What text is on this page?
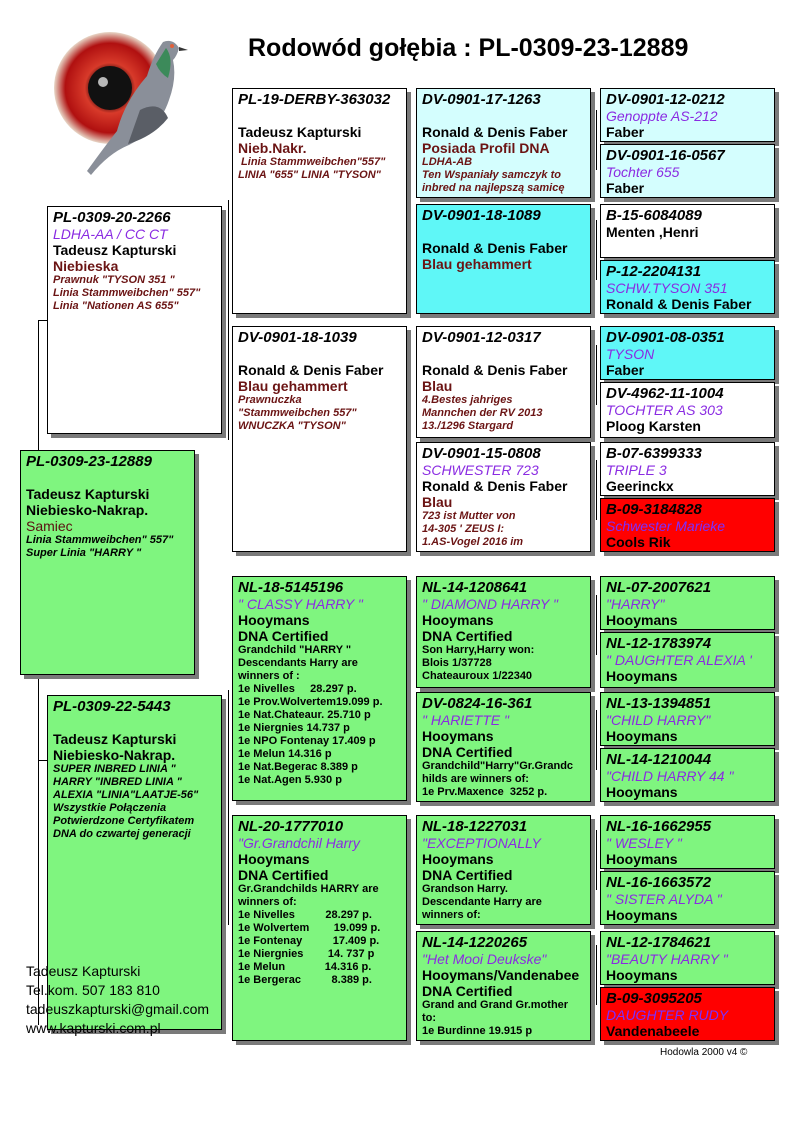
Rodowód gołębia : PL-0309-23-12889
PL-0309-23-12889
Tadeusz Kapturski
Niebiesko-Nakrap.
Samiec
Linia Stammweibchen" 557"
Super Linia "HARRY "
PL-0309-20-2266
LDHA-AA / CC CT
Tadeusz Kapturski
Niebieska
Prawnuk "TYSON 351 "
Linia Stammweibchen" 557"
Linia "Nationen AS 655"
PL-0309-22-5443
Tadeusz Kapturski
Niebiesko-Nakrap.
SUPER INBRED LINIA "
HARRY "INBRED LINIA "
ALEXIA "LINIA"LAATJE-56"
Wszystkie Połączenia
Potwierdzone Certyfikatem
DNA do czwartej generacji
PL-19-DERBY-363032
Tadeusz Kapturski
Nieb.Nakr.
Linia Stammweibchen"557"
LINIA "655" LINIA "TYSON"
DV-0901-18-1039
Ronald & Denis Faber
Blau gehammert
Prawnuczka
"Stammweibchen 557"
WNUCZKA "TYSON"
NL-18-5145196
" CLASSY HARRY "
Hooymans
DNA Certified
Grandchild "HARRY "
Descendants Harry are
winners of :
1e Nivelles     28.297 p.
1e Prov.Wolvertem19.099 p.
1e Nat.Chateaur. 25.710 p
1e Niergnies 14.737 p
1e NPO Fontenay 17.409 p
1e Melun 14.316 p
1e Nat.Begerac 8.389 p
1e Nat.Agen 5.930 p
NL-20-1777010
"Gr.Grandchil Harry
Hooymans
DNA Certified
Gr.Grandchilds HARRY are
winners of:
1e Nivelles          28.297 p.
1e Wolvertem        19.099 p.
1e Fontenay          17.409 p.
1e Niergnies        14. 737 p
1e Melun             14.316 p.
1e Bergerac          8.389 p.
DV-0901-17-1263
Ronald & Denis Faber
Posiada Profil DNA
LDHA-AB
Ten Wspaniały samczyk to
inbred na najlepszą samicę
DV-0901-18-1089
Ronald & Denis Faber
Blau gehammert
DV-0901-12-0317
Ronald & Denis Faber
Blau
4.Bestes jahriges
Mannchen der RV 2013
13./1296 Stargard
DV-0901-15-0808
SCHWESTER 723
Ronald & Denis Faber
Blau
723 ist Mutter von
14-305 ' ZEUS I:
1.AS-Vogel 2016 im
NL-14-1208641
" DIAMOND HARRY "
Hooymans
DNA Certified
Son Harry,Harry won:
Blois 1/37728
Chateauroux 1/22340
DV-0824-16-361
" HARIETTE "
Hooymans
DNA Certified
Grandchild"Harry"Gr.Grandc
hilds are winners of:
1e Prv.Maxence  3252 p.
NL-18-1227031
"EXCEPTIONALLY
Hooymans
DNA Certified
Grandson Harry.
Descendante Harry are
winners of:
NL-14-1220265
"Het Mooi Deukske"
Hooymans/Vandenabee
DNA Certified
Grand and Grand Gr.mother
to:
1e Burdinne 19.915 p
DV-0901-12-0212
Genoppte AS-212
Faber
DV-0901-16-0567
Tochter 655
Faber
B-15-6084089
Menten ,Henri
P-12-2204131
SCHW.TYSON 351
Ronald & Denis Faber
DV-0901-08-0351
TYSON
Faber
DV-4962-11-1004
TOCHTER AS 303
Ploog Karsten
B-07-6399333
TRIPLE 3
Geerinckx
B-09-3184828
Schwester Marieke
Cools Rik
NL-07-2007621
"HARRY"
Hooymans
NL-12-1783974
" DAUGHTER ALEXIA '
Hooymans
NL-13-1394851
"CHILD HARRY"
Hooymans
NL-14-1210044
"CHILD HARRY 44 "
Hooymans
NL-16-1662955
" WESLEY "
Hooymans
NL-16-1663572
" SISTER ALYDA "
Hooymans
NL-12-1784621
"BEAUTY HARRY "
Hooymans
B-09-3095205
DAUGHTER RUDY
Vandenabeele
Tadeusz Kapturski
Tel.kom. 507 183 810
tadeuszkapturski@gmail.com
www.kapturski.com.pl
Hodowla 2000 v4 ©
